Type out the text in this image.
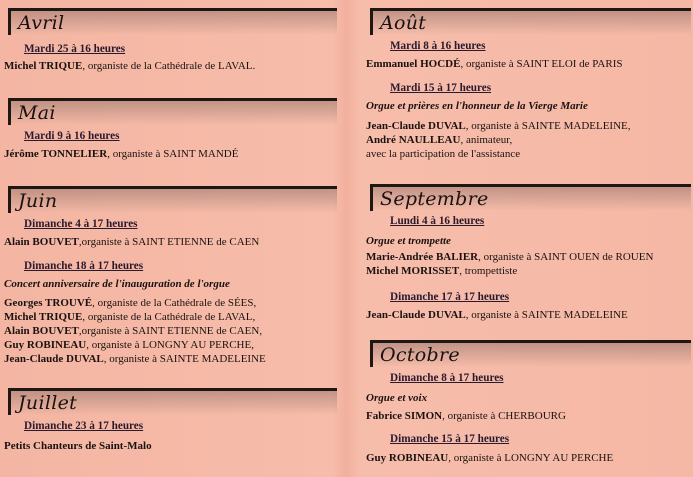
Avril
Mardi 25 à 16 heures
Michel TRIQUE, organiste de la Cathédrale de LAVAL.
Mai
Mardi 9 à 16 heures
Jérôme TONNELIER, organiste à SAINT MANDÉ
Juin
Dimanche 4 à 17 heures
Alain BOUVET,organiste à SAINT ETIENNE de CAEN
Dimanche 18 à 17 heures
Concert anniversaire de l'inauguration de l'orgue
Georges TROUVÉ, organiste de la Cathédrale de SÉES,
Michel TRIQUE, organiste de la Cathédrale de LAVAL,
Alain BOUVET,organiste à SAINT ETIENNE de CAEN,
Guy ROBINEAU, organiste à LONGNY AU PERCHE,
Jean-Claude DUVAL, organiste à SAINTE MADELEINE
Juillet
Dimanche 23 à 17 heures
Petits Chanteurs de Saint-Malo
Août
Mardi 8 à 16 heures
Emmanuel HOCDÉ, organiste à SAINT ELOI de PARIS
Mardi 15 à 17 heures
Orgue et prières en l'honneur de la Vierge Marie
Jean-Claude DUVAL, organiste à SAINTE MADELEINE,
André NAULLEAU, animateur,
avec la participation de l'assistance
Septembre
Lundi 4 à 16 heures
Orgue et trompette
Marie-Andrée BALIER, organiste à SAINT OUEN de ROUEN
Michel MORISSET, trompettiste
Dimanche 17 à 17 heures
Jean-Claude DUVAL, organiste à SAINTE MADELEINE
Octobre
Dimanche 8 à 17 heures
Orgue et voix
Fabrice SIMON, organiste à CHERBOURG
Dimanche 15 à 17 heures
Guy ROBINEAU, organiste à LONGNY AU PERCHE
